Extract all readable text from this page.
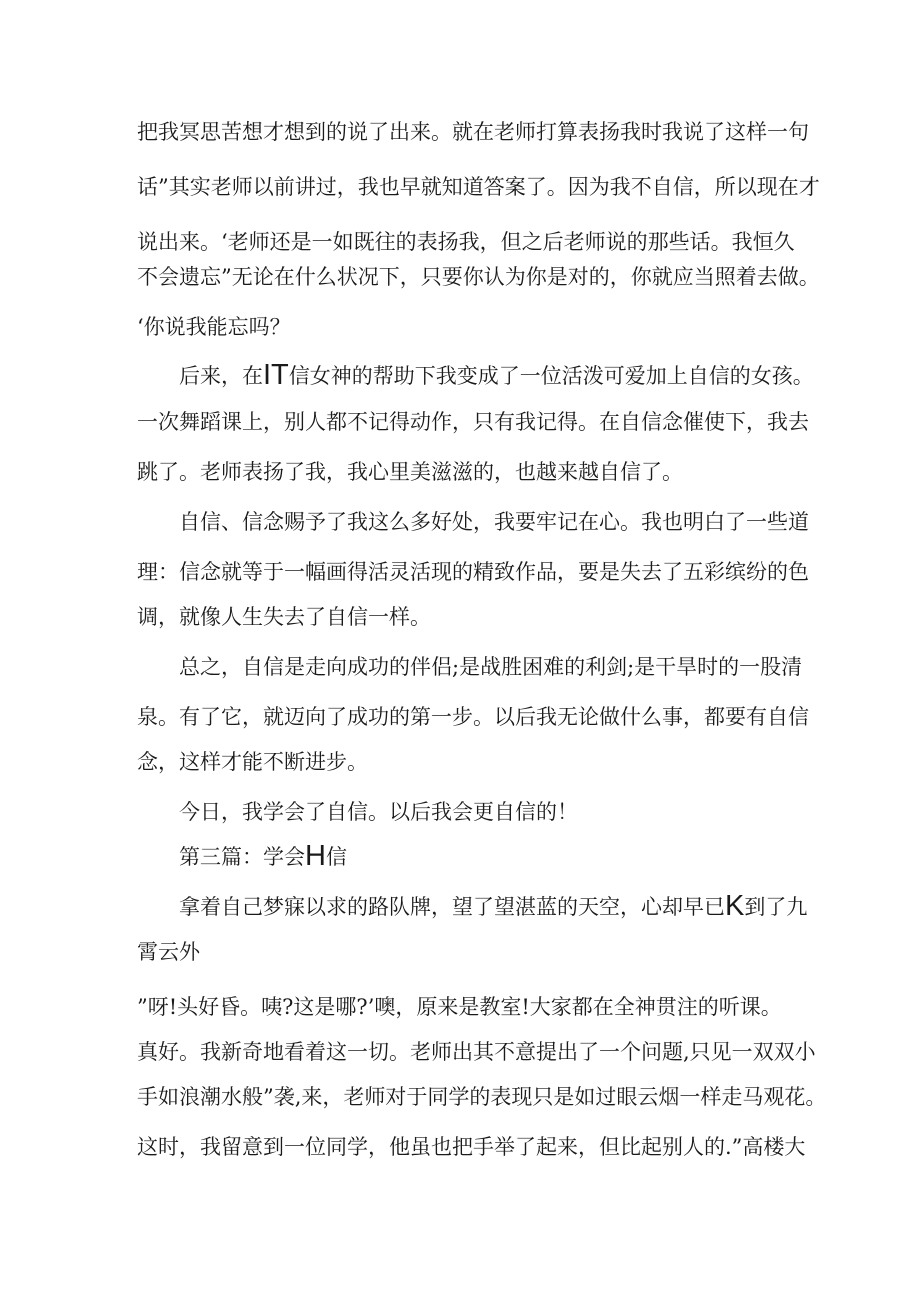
把我冥思苦想才想到的说了出来。就在老师打算表扬我时我说了这样一句
话”其实老师以前讲过，我也早就知道答案了。因为我不自信，所以现在才
说出来。‘老师还是一如既往的表扬我，但之后老师说的那些话。我恒久
不会遗忘”无论在什么状况下，只要你认为你是对的，你就应当照着去做。
‘你说我能忘吗？
后来，在IT信女神的帮助下我变成了一位活泼可爱加上自信的女孩。
一次舞蹈课上，别人都不记得动作，只有我记得。在自信念催使下，我去
跳了。老师表扬了我，我心里美滋滋的，也越来越自信了。
自信、信念赐予了我这么多好处，我要牢记在心。我也明白了一些道
理：信念就等于一幅画得活灵活现的精致作品，要是失去了五彩缤纷的色
调，就像人生失去了自信一样。
总之，自信是走向成功的伴侣;是战胜困难的利剑;是干旱时的一股清
泉。有了它，就迈向了成功的第一步。以后我无论做什么事，都要有自信
念，这样才能不断进步。
今日，我学会了自信。以后我会更自信的！
第三篇：学会H信
拿着自己梦寐以求的路队牌，望了望湛蓝的天空，心却早已K到了九
霄云外
”呀!头好昏。咦?这是哪?’噢，原来是教室!大家都在全神贯注的听课。
真好。我新奇地看着这一切。老师出其不意提出了一个问题,只见一双双小
手如浪潮水般”袭,来，老师对于同学的表现只是如过眼云烟一样走马观花。
这时，我留意到一位同学，他虽也把手举了起来，但比起别人的.”高楼大
